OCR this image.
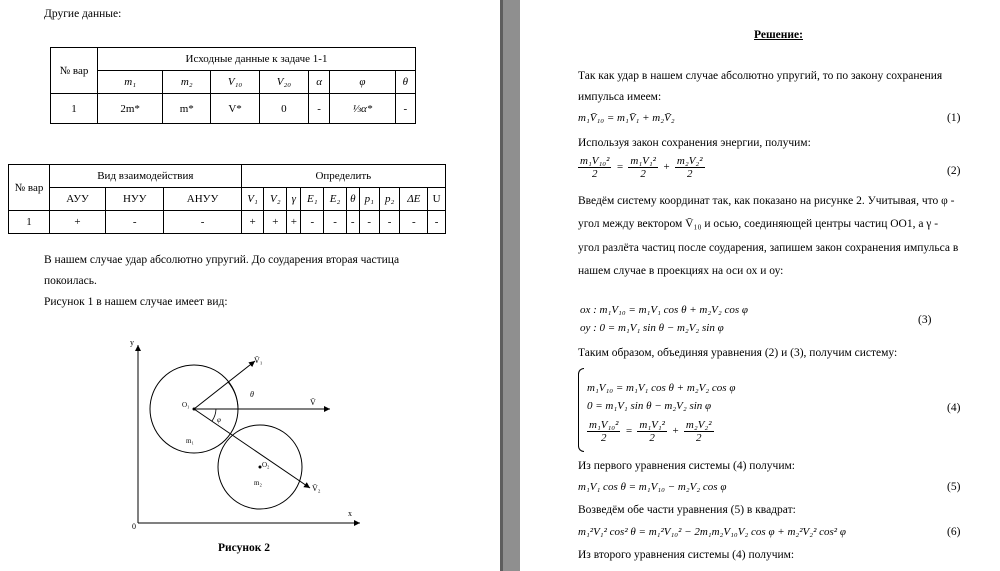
Другие данные:
№ вар	Исходные данные к задаче 1-1						
	m₁	m₂	V₁₀	V₂₀	α	φ	θ
1	2m*	m*	V*	0	-	⅓α*	-
№ вар	Вид взаимодействия			Определить									
	АУУ	НУУ	АНУУ	V₁	V₂	γ	E₁	E₂	θ	p₁	p₂	ΔE	U
1	+	-	-	+	+	+	-	-	-	-	-	-	-
В нашем случае удар абсолютно упругий. До соударения вторая частица
покоилась.
Рисунок 1 в нашем случае имеет вид:
y
x
0
O₁
O₂
m₁
m₂
V̄₁
V̄
V̄₂
θ
φ
Рисунок 2
Решение:
Так как удар в нашем случае абсолютно упругий, то по закону сохранения
импульса имеем:
m₁V̄₁₀ = m₁V̄₁ + m₂V̄₂	(1)
Используя закон сохранения энергии, получим:
$\frac{\text{m₁V₁₀²}}{2} = \frac{\text{m₁V₁²}}{2} + \frac{\text{m₂V₂²}}{2}$	(2)
Введём систему координат так, как показано на рисунке 2. Учитывая, что φ -
угол между вектором V̄₁₀ и осью, соединяющей центры частиц ОО1, а γ -
угол разлёта частиц после соударения, запишем закон сохранения импульса в
нашем случае в проекциях на оси ох и оу:
ox : m₁V₁₀ = m₁V₁ cos θ + m₂V₂ cos φ
oy : 0 = m₁V₁ sin θ − m₂V₂ sin φ
(3)
Таким образом, объединяя уравнения (2) и (3), получим систему:
m₁V₁₀ = m₁V₁ cos θ + m₂V₂ cos φ
0 = m₁V₁ sin θ − m₂V₂ sin φ
$\frac{\text{m₁V₁₀²}}{2} = \frac{\text{m₁V₁²}}{2} + \frac{\text{m₂V₂²}}{2}$
(4)
Из первого уравнения системы (4) получим:
m₁V₁ cos θ = m₁V₁₀ − m₂V₂ cos φ	(5)
Возведём обе части уравнения (5) в квадрат:
m₁²V₁² cos² θ = m₁²V₁₀² − 2m₁m₂V₁₀V₂ cos φ + m₂²V₂² cos² φ	(6)
Из второго уравнения системы (4) получим:
